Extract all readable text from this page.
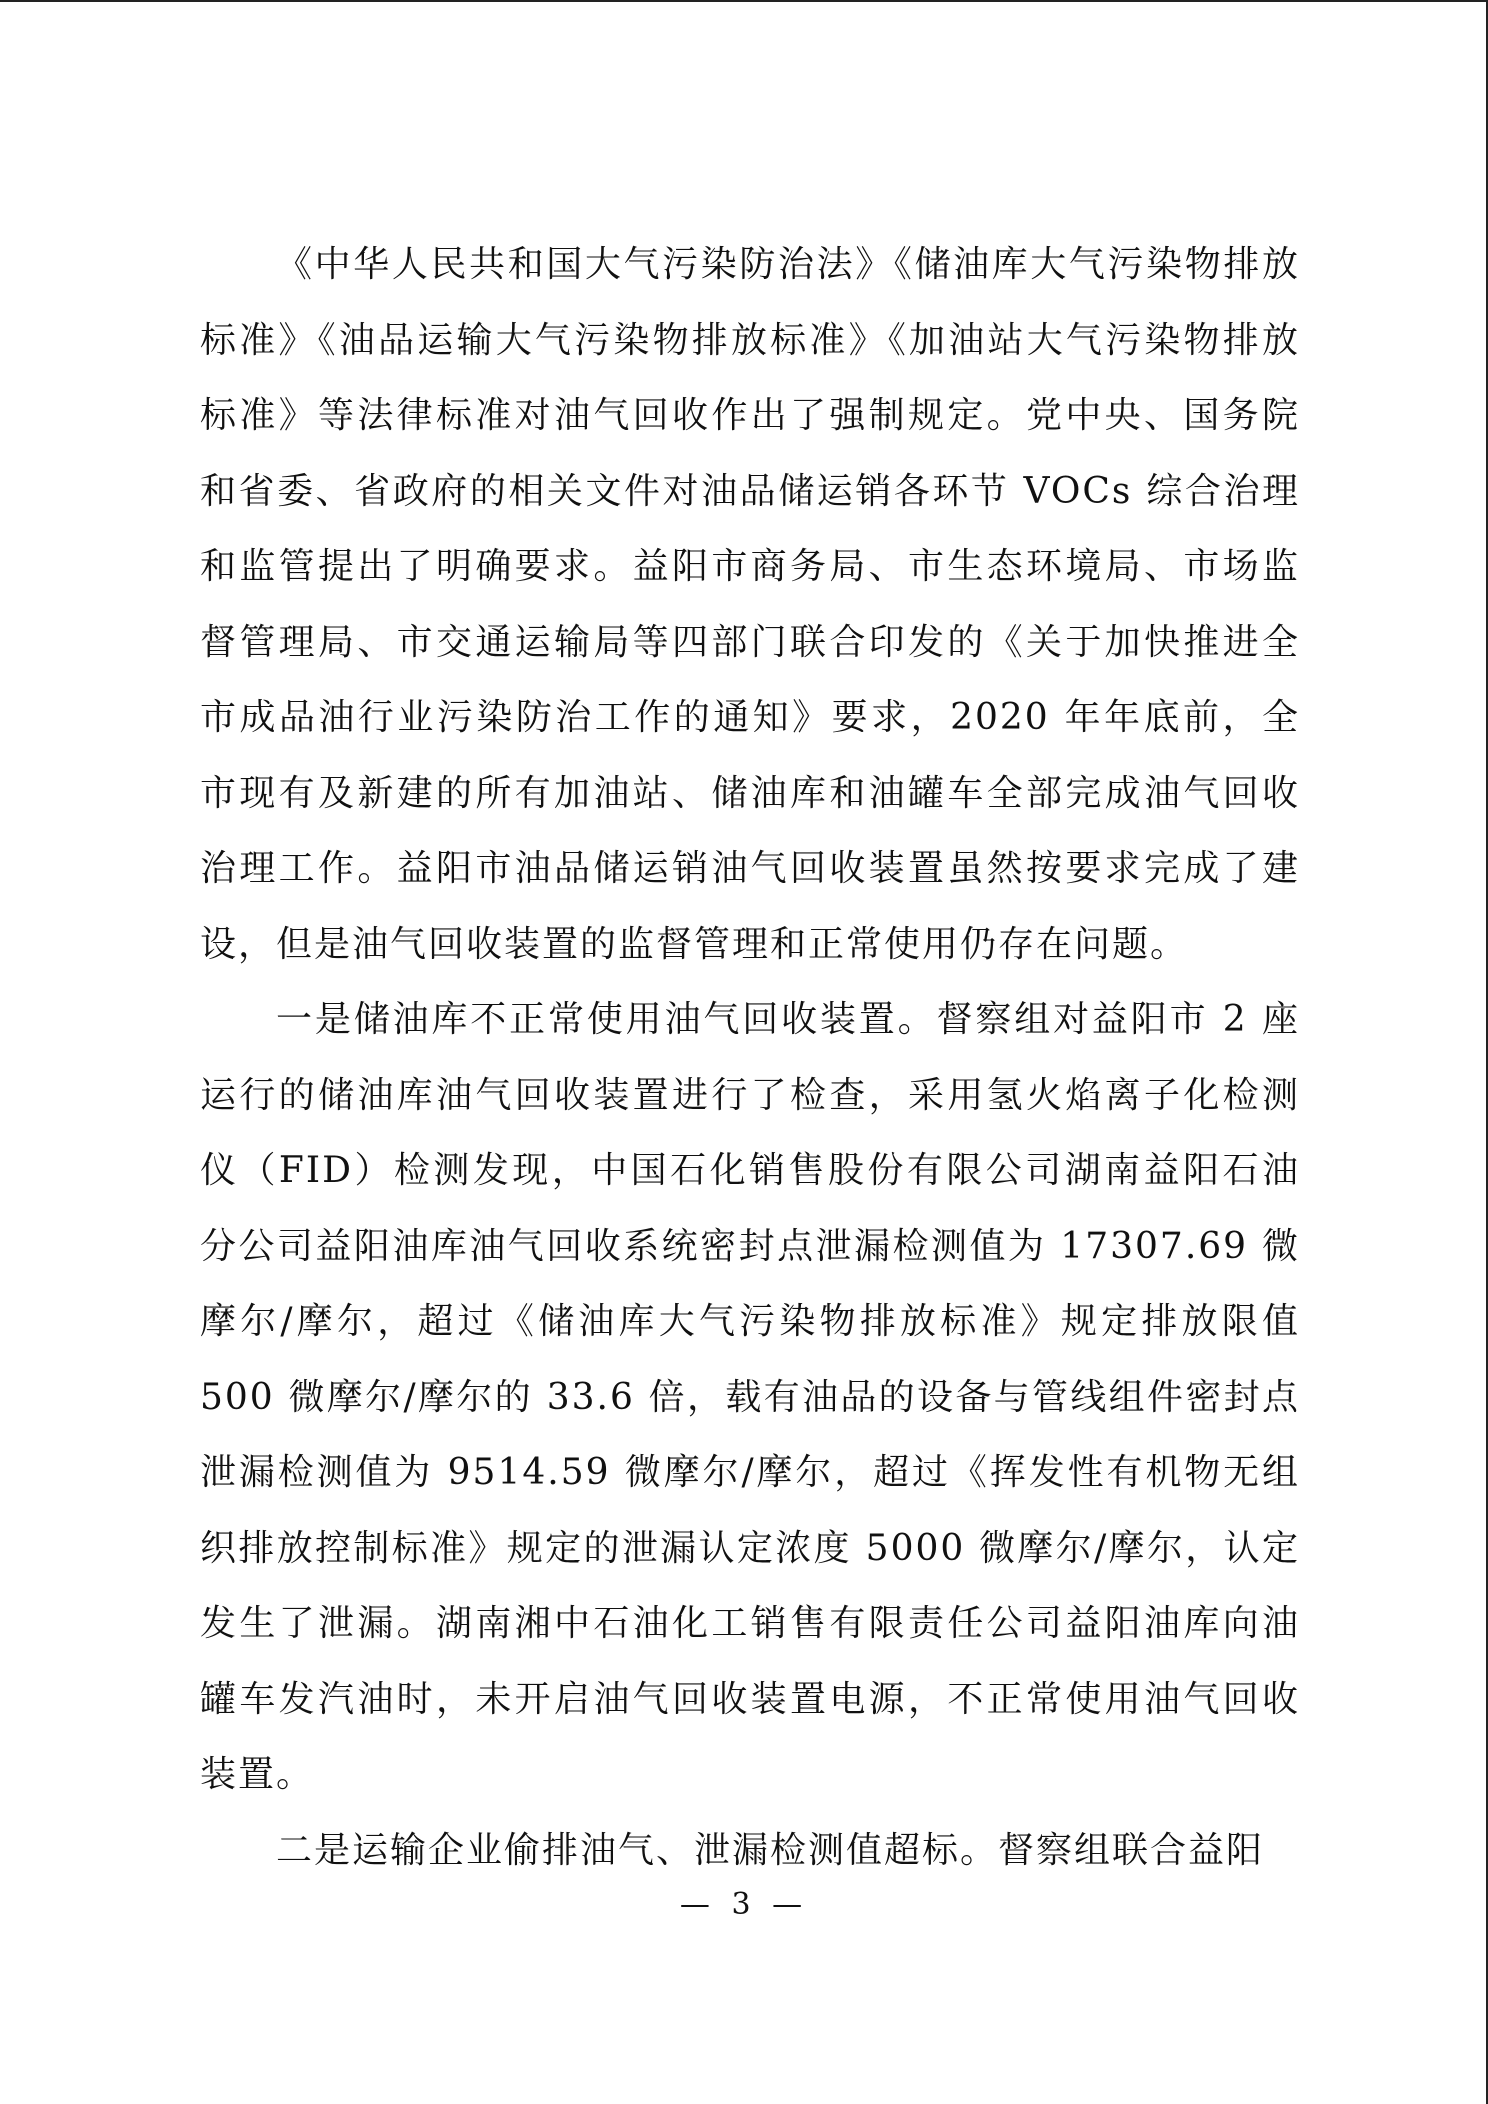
《中华人民共和国大气污染防治法》《储油库大气污染物排放标准》《油品运输大气污染物排放标准》《加油站大气污染物排放标准》等法律标准对油气回收作出了强制规定。党中央、国务院和省委、省政府的相关文件对油品储运销各环节 VOCs 综合治理和监管提出了明确要求。益阳市商务局、市生态环境局、市场监督管理局、市交通运输局等四部门联合印发的《关于加快推进全市成品油行业污染防治工作的通知》要求，2020 年年底前，全市现有及新建的所有加油站、储油库和油罐车全部完成油气回收治理工作。益阳市油品储运销油气回收装置虽然按要求完成了建设，但是油气回收装置的监督管理和正常使用仍存在问题。

一是储油库不正常使用油气回收装置。督察组对益阳市 2 座运行的储油库油气回收装置进行了检查，采用氢火焰离子化检测仪（FID）检测发现，中国石化销售股份有限公司湖南益阳石油分公司益阳油库油气回收系统密封点泄漏检测值为 17307.69 微摩尔/摩尔，超过《储油库大气污染物排放标准》规定排放限值 500 微摩尔/摩尔的 33.6 倍，载有油品的设备与管线组件密封点泄漏检测值为 9514.59 微摩尔/摩尔，超过《挥发性有机物无组织排放控制标准》规定的泄漏认定浓度 5000 微摩尔/摩尔，认定发生了泄漏。湖南湘中石油化工销售有限责任公司益阳油库向油罐车发汽油时，未开启油气回收装置电源，不正常使用油气回收装置。

二是运输企业偷排油气、泄漏检测值超标。督察组联合益阳

— 3 —
